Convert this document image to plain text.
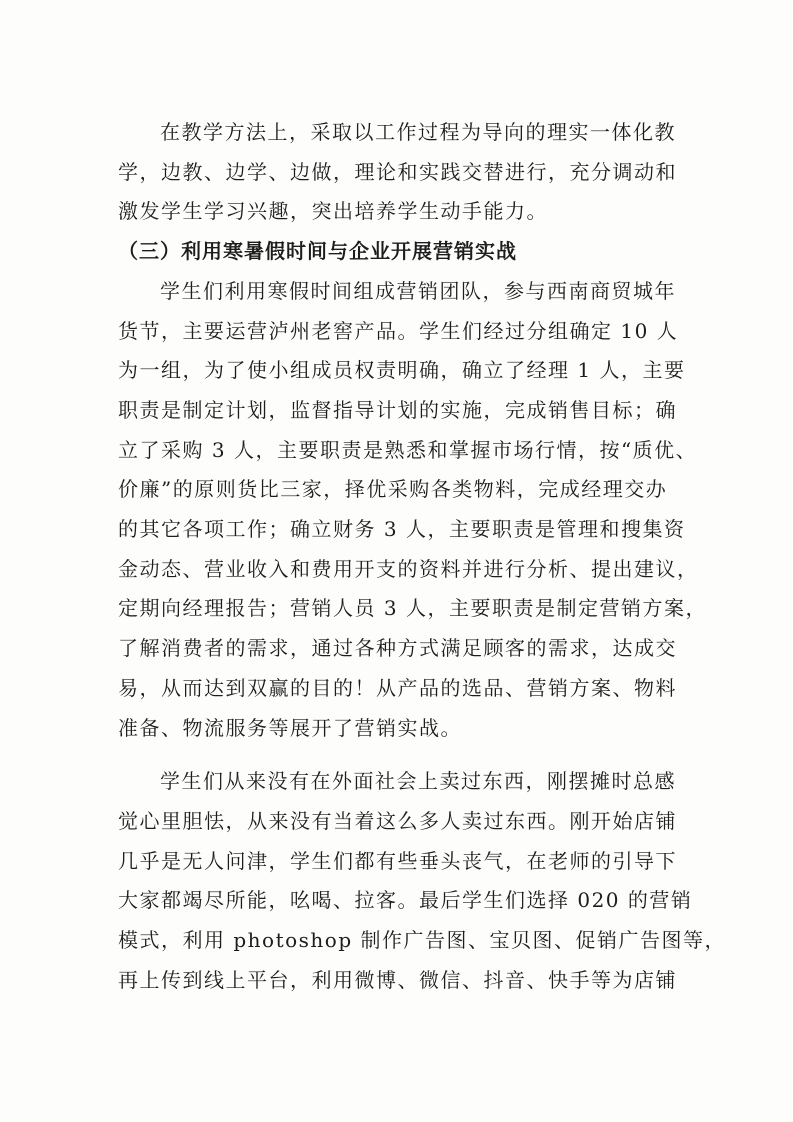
在教学方法上，采取以工作过程为导向的理实一体化教
学，边教、边学、边做，理论和实践交替进行，充分调动和
激发学生学习兴趣，突出培养学生动手能力。

（三）利用寒暑假时间与企业开展营销实战

学生们利用寒假时间组成营销团队，参与西南商贸城年
货节，主要运营泸州老窖产品。学生们经过分组确定 10 人
为一组，为了使小组成员权责明确，确立了经理 1 人，主要
职责是制定计划，监督指导计划的实施，完成销售目标；确
立了采购 3 人，主要职责是熟悉和掌握市场行情，按“质优、
价廉”的原则货比三家，择优采购各类物料，完成经理交办
的其它各项工作；确立财务 3 人，主要职责是管理和搜集资
金动态、营业收入和费用开支的资料并进行分析、提出建议，
定期向经理报告；营销人员 3 人，主要职责是制定营销方案，
了解消费者的需求，通过各种方式满足顾客的需求，达成交
易，从而达到双赢的目的！从产品的选品、营销方案、物料
准备、物流服务等展开了营销实战。

学生们从来没有在外面社会上卖过东西，刚摆摊时总感
觉心里胆怯，从来没有当着这么多人卖过东西。刚开始店铺
几乎是无人问津，学生们都有些垂头丧气，在老师的引导下
大家都竭尽所能，吆喝、拉客。最后学生们选择 020 的营销
模式，利用 photoshop 制作广告图、宝贝图、促销广告图等，
再上传到线上平台，利用微博、微信、抖音、快手等为店铺
